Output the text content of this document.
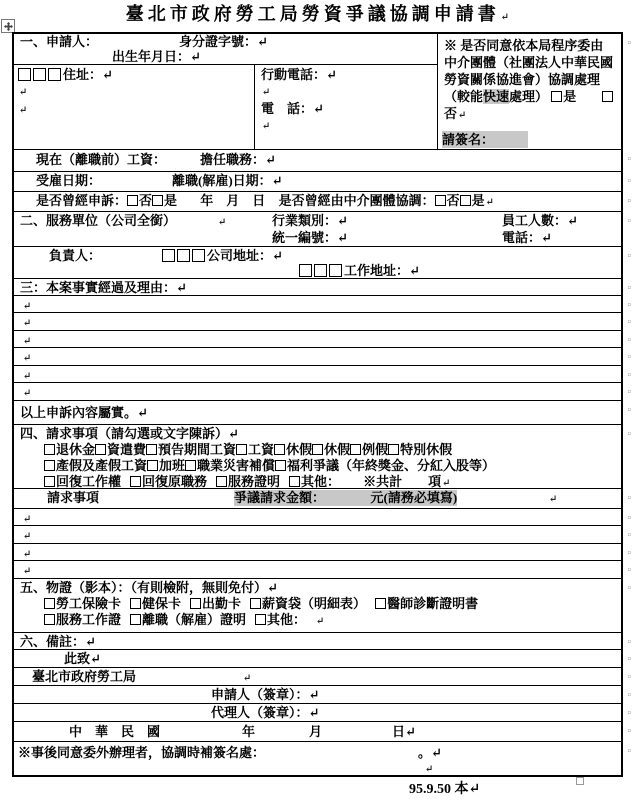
臺北市政府勞工局勞資爭議協調申請書↵
一、申請人：	身分證字號：↵
出生年月日：↵
住址：↵
↵
↵
行動電話：↵
↵
電　話：↵
↵
※ 是否同意依本局程序委由中介團體（社團法人中華民國勞資關係協進會）協調處理（較能快速處理） 是　　否↵
請簽名：
¤
現在（離職前）工資：	擔任職務：↵	¤
受雇日期：	離職(解雇)日期：↵	¤
是否曾經申訴： 否 是 年　月　日 是否曾經由中介團體協調： 否 是↵	¤
二、服務單位（公司全銜）	↵	行業類別：↵	員工人數：↵
統一編號：↵	電話：↵
¤
負責人：	公司地址：↵
工作地址：↵
¤
三：本案事實經過及理由：↵	¤
↵	¤
↵	¤
↵	¤
↵	¤
↵	¤
↵	¤
以上申訴內容屬實。↵	¤
四、請求事項（請勾選或文字陳訴）↵
退休金 資遣費 預告期間工資 工資 休假 休假 例假 特別休假
產假及產假工資 加班 職業災害補償 福利爭議（年終獎金、分紅入股等）
回復工作權 回復原職務 服務證明 其他： ※共計　　項↵
¤
請求事項	爭議請求金額：　　　　元(請務必填寫)	↵	¤
↵	¤
↵	¤
↵	¤
↵	¤
五、物證（影本）：（有則檢附，無則免付）↵
勞工保險卡 健保卡 出勤卡 薪資袋（明細表） 醫師診斷證明書
服務工作證 離職（解雇）證明 其他： ↵
¤
六、備註：↵	¤
此致↵	¤
臺北市政府勞工局	↵	¤
申請人（簽章）：↵	¤
代理人（簽章）：↵	¤
中　華　民　國	年	月	日↵	¤
※事後同意委外辦理者，協調時補簽名處：	。↵
↵
¤
95.9.50 本↵
